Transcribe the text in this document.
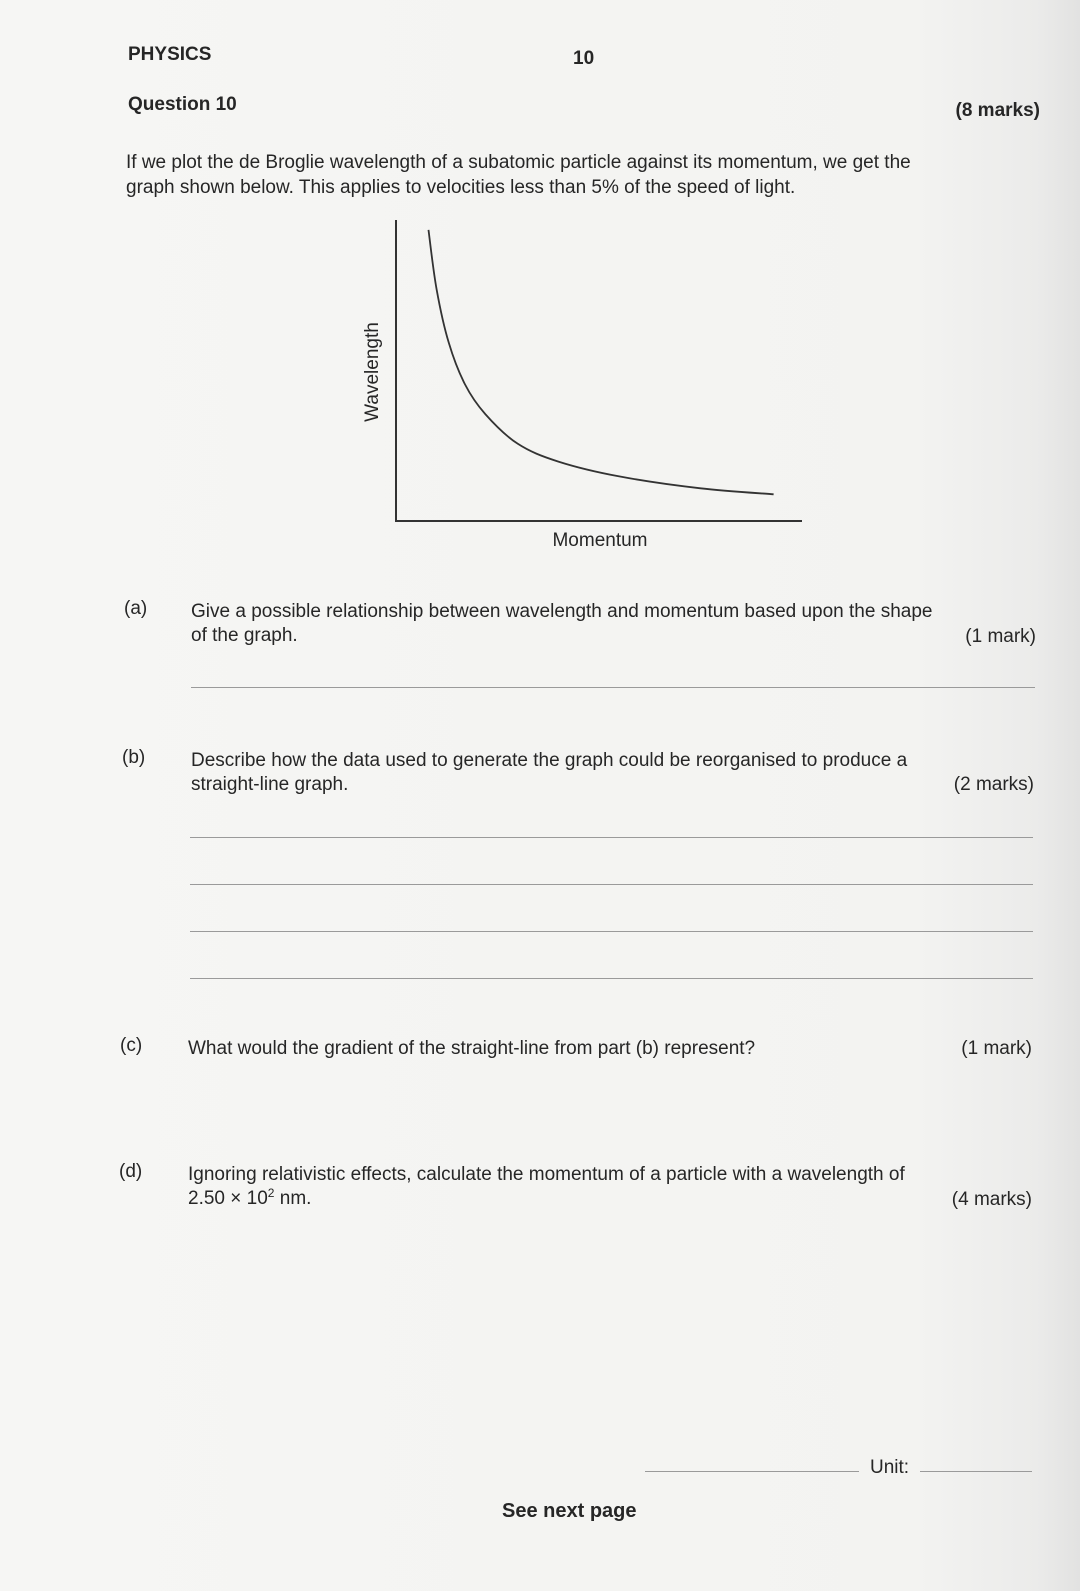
PHYSICS	10
Question 10	(8 marks)

If we plot the de Broglie wavelength of a subatomic particle against its momentum, we get the

graph shown below. This applies to velocities less than 5% of the speed of light.

Wavelength
Momentum
(a) Give a possible relationship between wavelength and momentum based upon the shape
of the graph.	(1 mark)
(b) Describe how the data used to generate the graph could be reorganised to produce a
straight-line graph.	(2 marks)
(c) What would the gradient of the straight-line from part (b) represent?	(1 mark)
(d) Ignoring relativistic effects, calculate the momentum of a particle with a wavelength of
$2.50 \times 10^2$ nm.	(4 marks)
Unit:
See next page
